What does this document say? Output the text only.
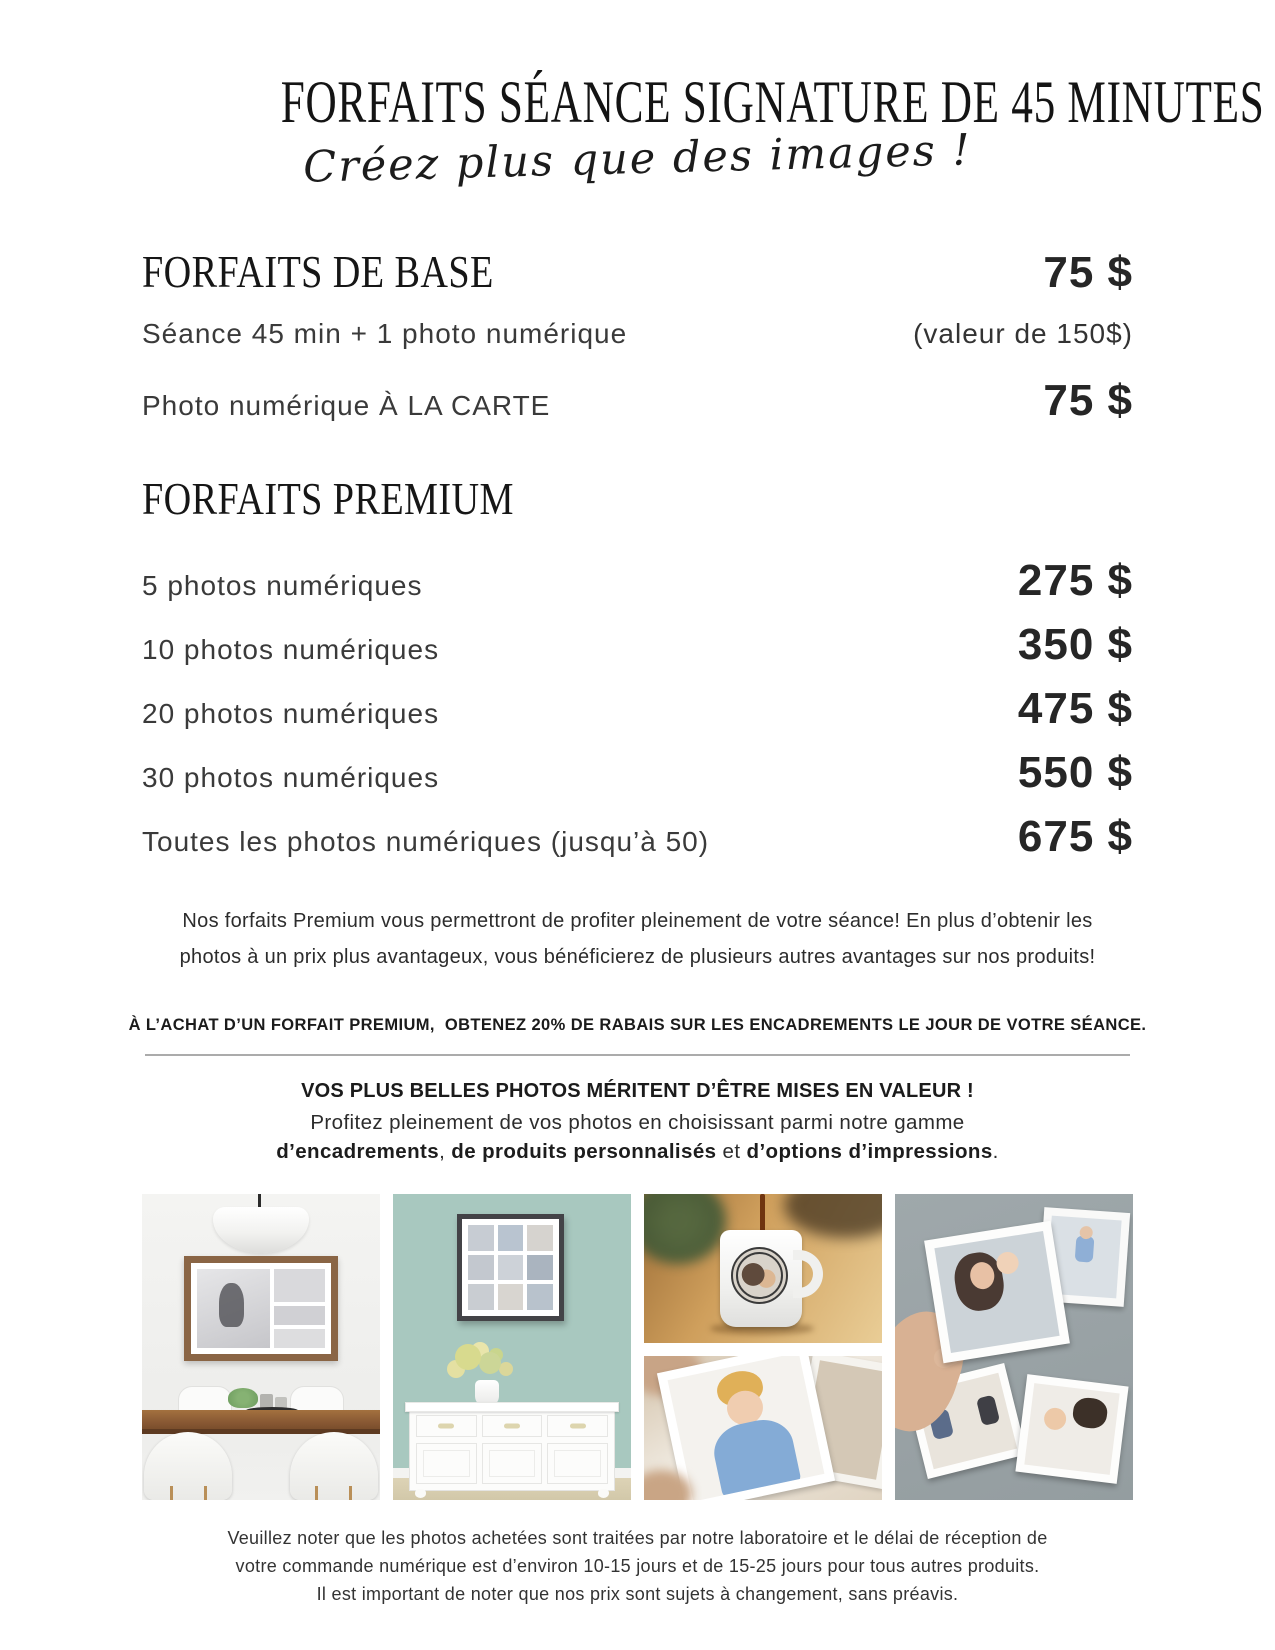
FORFAITS SÉANCE SIGNATURE DE 45 MINUTES
Créez plus que des images !
FORFAITS DE BASE	75 $
Séance 45 min + 1 photo numérique	(valeur de 150$)
Photo numérique À LA CARTE	75 $
FORFAITS PREMIUM
5 photos numériques	275 $
10 photos numériques	350 $
20 photos numériques	475 $
30 photos numériques	550 $
Toutes les photos numériques (jusqu’à 50)	675 $
Nos forfaits Premium vous permettront de profiter pleinement de votre séance! En plus d’obtenir les
photos à un prix plus avantageux, vous bénéficierez de plusieurs autres avantages sur nos produits!
À L’ACHAT D’UN FORFAIT PREMIUM,  OBTENEZ 20% DE RABAIS SUR LES ENCADREMENTS LE JOUR DE VOTRE SÉANCE.
VOS PLUS BELLES PHOTOS MÉRITENT D’ÊTRE MISES EN VALEUR !
Profitez pleinement de vos photos en choisissant parmi notre gamme
d’encadrements, de produits personnalisés et d’options d’impressions.
Veuillez noter que les photos achetées sont traitées par notre laboratoire et le délai de réception de
votre commande numérique est d’environ 10-15 jours et de 15-25 jours pour tous autres produits.
Il est important de noter que nos prix sont sujets à changement, sans préavis.
